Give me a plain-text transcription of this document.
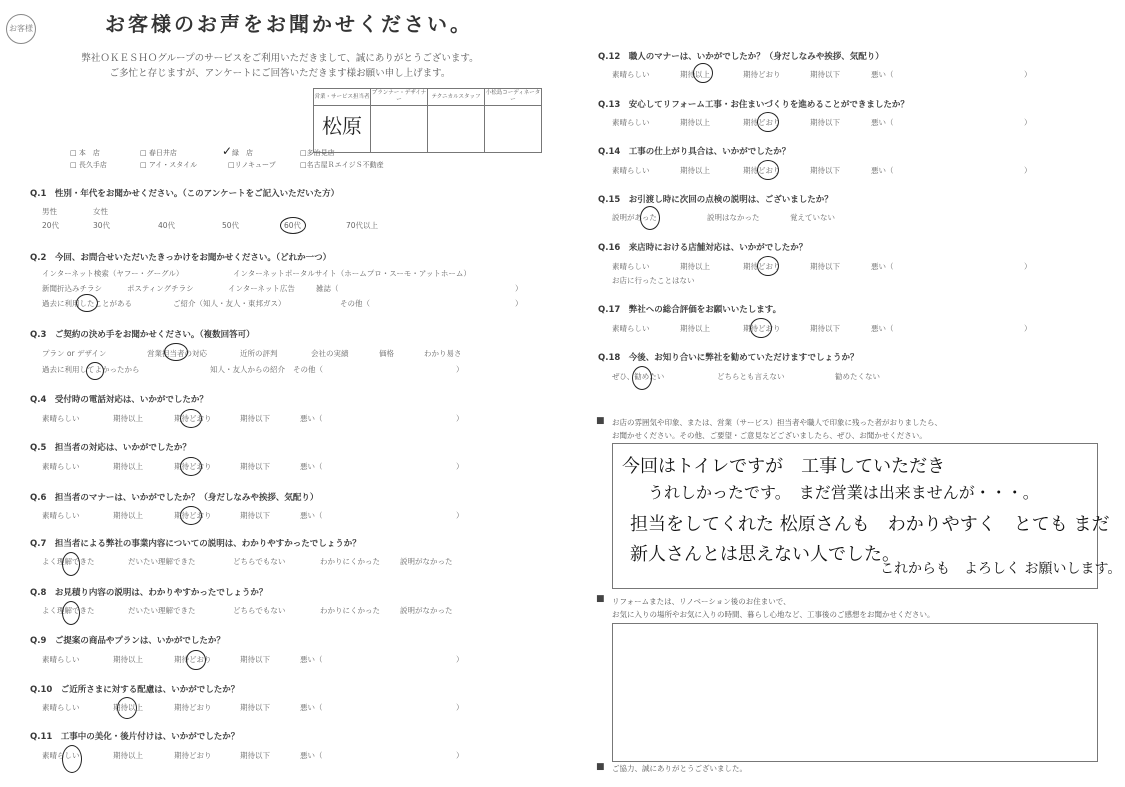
お客様	お客様のお声をお聞かせください。
弊社ＯＫＥＳＨＯグループのサービスをご利用いただきまして、誠にありがとうございます。
ご多忙と存じますが、アンケートにご回答いただきます様お願い申し上げます。
営業・サービス担当者	プランナー・デザイナー	テクニカルスタッフ	小松島コーディネーター
松原			
□ 本　店	□ 春日井店	✓ 緑　店	□多治見店
□ 長久手店	□ アイ・スタイル	□リノキューブ	□名古屋ＲエイジＳ不動産
Q.1　性別・年代をお聞かせください。（このアンケートをご記入いただいた方）
男性	女性
20代	30代	40代	50代	60代	70代以上
Q.2　今回、お問合せいただいたきっかけをお聞かせください。（どれか一つ）
インターネット検索（ヤフー・グーグル）	インターネットポータルサイト（ホームプロ・スーモ・アットホーム）
新聞折込みチラシ	ポスティングチラシ	インターネット広告	雑誌（	）
過去に利用したことがある	ご紹介（知人・友人・東邦ガス）	その他（	）
Q.3　ご契約の決め手をお聞かせください。（複数回答可）
プラン or デザイン	営業担当者の対応	近所の評判	会社の実績	価格	わかり易さ
過去に利用してよかったから	知人・友人からの紹介 その他（	）
Q.4　受付時の電話対応は、いかがでしたか？
素晴らしい	期待以上	期待どおり	期待以下	悪い（	）
Q.5　担当者の対応は、いかがでしたか？
素晴らしい	期待以上	期待どおり	期待以下	悪い（	）
Q.6　担当者のマナーは、いかがでしたか？（身だしなみや挨拶、気配り）
素晴らしい	期待以上	期待どおり	期待以下	悪い（	）
Q.7　担当者による弊社の事業内容についての説明は、わかりやすかったでしょうか？
よく理解できた	だいたい理解できた	どちらでもない	わかりにくかった	説明がなかった
Q.8　お見積り内容の説明は、わかりやすかったでしょうか？
よく理解できた	だいたい理解できた	どちらでもない	わかりにくかった	説明がなかった
Q.9　ご提案の商品やプランは、いかがでしたか？
素晴らしい	期待以上	期待どおり	期待以下	悪い（	）
Q.10　ご近所さまに対する配慮は、いかがでしたか？
素晴らしい	期待以上	期待どおり	期待以下	悪い（	）
Q.11　工事中の美化・後片付けは、いかがでしたか？
素晴らしい	期待以上	期待どおり	期待以下	悪い（	）
Q.12　職人のマナーは、いかがでしたか？（身だしなみや挨拶、気配り）
素晴らしい	期待以上	期待どおり	期待以下	悪い（	）
Q.13　安心してリフォーム工事・お住まいづくりを進めることができましたか？
素晴らしい	期待以上	期待どおり	期待以下	悪い（	）
Q.14　工事の仕上がり具合は、いかがでしたか？
素晴らしい	期待以上	期待どおり	期待以下	悪い（	）
Q.15　お引渡し時に次回の点検の説明は、ございましたか？
説明があった	説明はなかった	覚えていない
Q.16　来店時における店舗対応は、いかがでしたか？
素晴らしい	期待以上	期待どおり	期待以下	悪い（	）
お店に行ったことはない
Q.17　弊社への総合評価をお願いいたします。
素晴らしい	期待以上	期待どおり	期待以下	悪い（	）
Q.18　今後、お知り合いに弊社を勧めていただけますでしょうか？
ぜひ、勧めたい	どちらとも言えない	勧めたくない
■ お店の雰囲気や印象、または、営業（サービス）担当者や職人で印象に残った者がおりましたら、
お聞かせください。その他、ご要望・ご意見などございましたら、ぜひ、お聞かせください。
今回はトイレですが　工事していただき
うれしかったです。　まだ営業は出来ませんが・・・。
担当をしてくれた 松原さんも　わかりやすく　とても まだ
新人さんとは思えない人でした。
これからも　よろしく お願いします。
■ リフォームまたは、リノベーション後のお住まいで、
お気に入りの場所やお気に入りの時間、暮らし心地など、工事後のご感想をお聞かせください。
■ ご協力、誠にありがとうございました。
